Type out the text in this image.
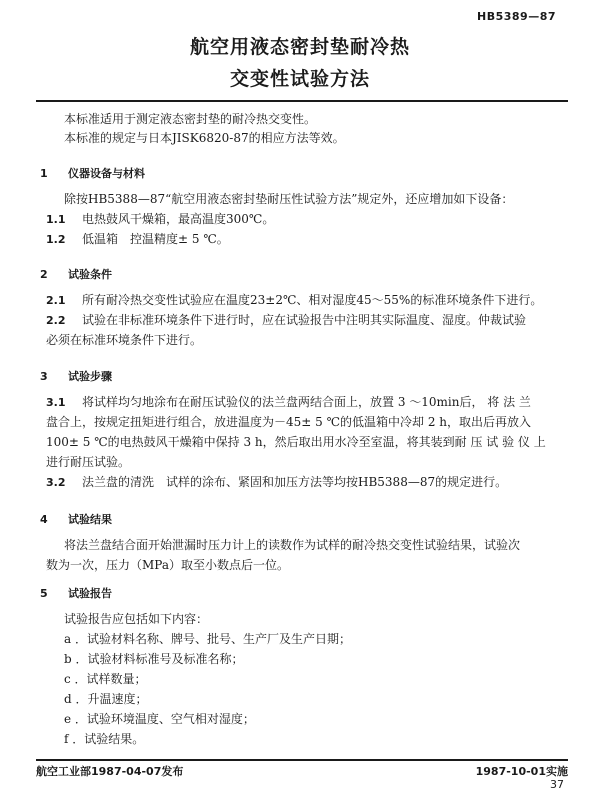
HB5389—87
航空用液态密封垫耐冷热
交变性试验方法
本标准适用于测定液态密封垫的耐冷热交变性。
本标准的规定与日本JISK6820-87的相应方法等效。
1 仪器设备与材料
除按HB5388—87“航空用液态密封垫耐压性试验方法”规定外，还应增加如下设备：
1.1 电热鼓风干燥箱，最高温度300℃。
1.2 低温箱　控温精度± 5 ℃。
2 试验条件
2.1 所有耐冷热交变性试验应在温度23±2℃、相对湿度45～55%的标准环境条件下进行。
2.2 试验在非标准环境条件下进行时，应在试验报告中注明其实际温度、湿度。仲裁试验
必须在标准环境条件下进行。
3 试验步骤
3.1 将试样均匀地涂布在耐压试验仪的法兰盘两结合面上，放置 3 ～10min后， 将 法 兰
盘合上，按规定扭矩进行组合，放进温度为－45± 5 ℃的低温箱中冷却 2 h，取出后再放入
100± 5 ℃的电热鼓风干燥箱中保持 3 h，然后取出用水冷至室温，将其装到耐 压 试 验 仪 上
进行耐压试验。
3.2 法兰盘的清洗　试样的涂布、紧固和加压方法等均按HB5388—87的规定进行。
4 试验结果
将法兰盘结合面开始泄漏时压力计上的读数作为试样的耐冷热交变性试验结果，试验次
数为一次，压力（MPa）取至小数点后一位。
5 试验报告
试验报告应包括如下内容：
a ．试验材料名称、牌号、批号、生产厂及生产日期；
b ．试验材料标准号及标准名称；
c ．试样数量；
d ．升温速度；
e ．试验环境温度、空气相对湿度；
f ．试验结果。
航空工业部1987-04-07发布	1987-10-01实施
37
